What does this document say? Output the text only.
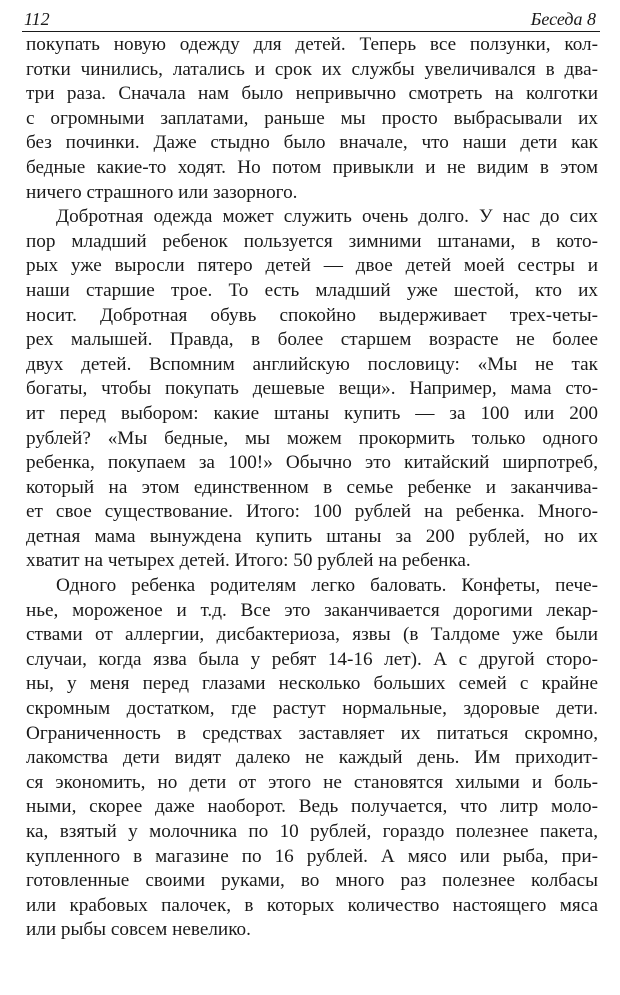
112	Беседа 8
покупать новую одежду для детей. Теперь все ползунки, кол-
готки чинились, латались и срок их службы увеличивался в два-
три раза. Сначала нам было непривычно смотреть на колготки
с огромными заплатами, раньше мы просто выбрасывали их
без починки. Даже стыдно было вначале, что наши дети как
бедные какие-то ходят. Но потом привыкли и не видим в этом
ничего страшного или зазорного.
Добротная одежда может служить очень долго. У нас до сих
пор младший ребенок пользуется зимними штанами, в кото-
рых уже выросли пятеро детей — двое детей моей сестры и
наши старшие трое. То есть младший уже шестой, кто их
носит. Добротная обувь спокойно выдерживает трех-четы-
рех малышей. Правда, в более старшем возрасте не более
двух детей. Вспомним английскую пословицу: «Мы не так
богаты, чтобы покупать дешевые вещи». Например, мама сто-
ит перед выбором: какие штаны купить — за 100 или 200
рублей? «Мы бедные, мы можем прокормить только одного
ребенка, покупаем за 100!» Обычно это китайский ширпотреб,
который на этом единственном в семье ребенке и заканчива-
ет свое существование. Итого: 100 рублей на ребенка. Много-
детная мама вынуждена купить штаны за 200 рублей, но их
хватит на четырех детей. Итого: 50 рублей на ребенка.
Одного ребенка родителям легко баловать. Конфеты, пече-
нье, мороженое и т.д. Все это заканчивается дорогими лекар-
ствами от аллергии, дисбактериоза, язвы (в Талдоме уже были
случаи, когда язва была у ребят 14-16 лет). А с другой сторо-
ны, у меня перед глазами несколько больших семей с крайне
скромным достатком, где растут нормальные, здоровые дети.
Ограниченность в средствах заставляет их питаться скромно,
лакомства дети видят далеко не каждый день. Им приходит-
ся экономить, но дети от этого не становятся хилыми и боль-
ными, скорее даже наоборот. Ведь получается, что литр моло-
ка, взятый у молочника по 10 рублей, гораздо полезнее пакета,
купленного в магазине по 16 рублей. А мясо или рыба, при-
готовленные своими руками, во много раз полезнее колбасы
или крабовых палочек, в которых количество настоящего мяса
или рыбы совсем невелико.
